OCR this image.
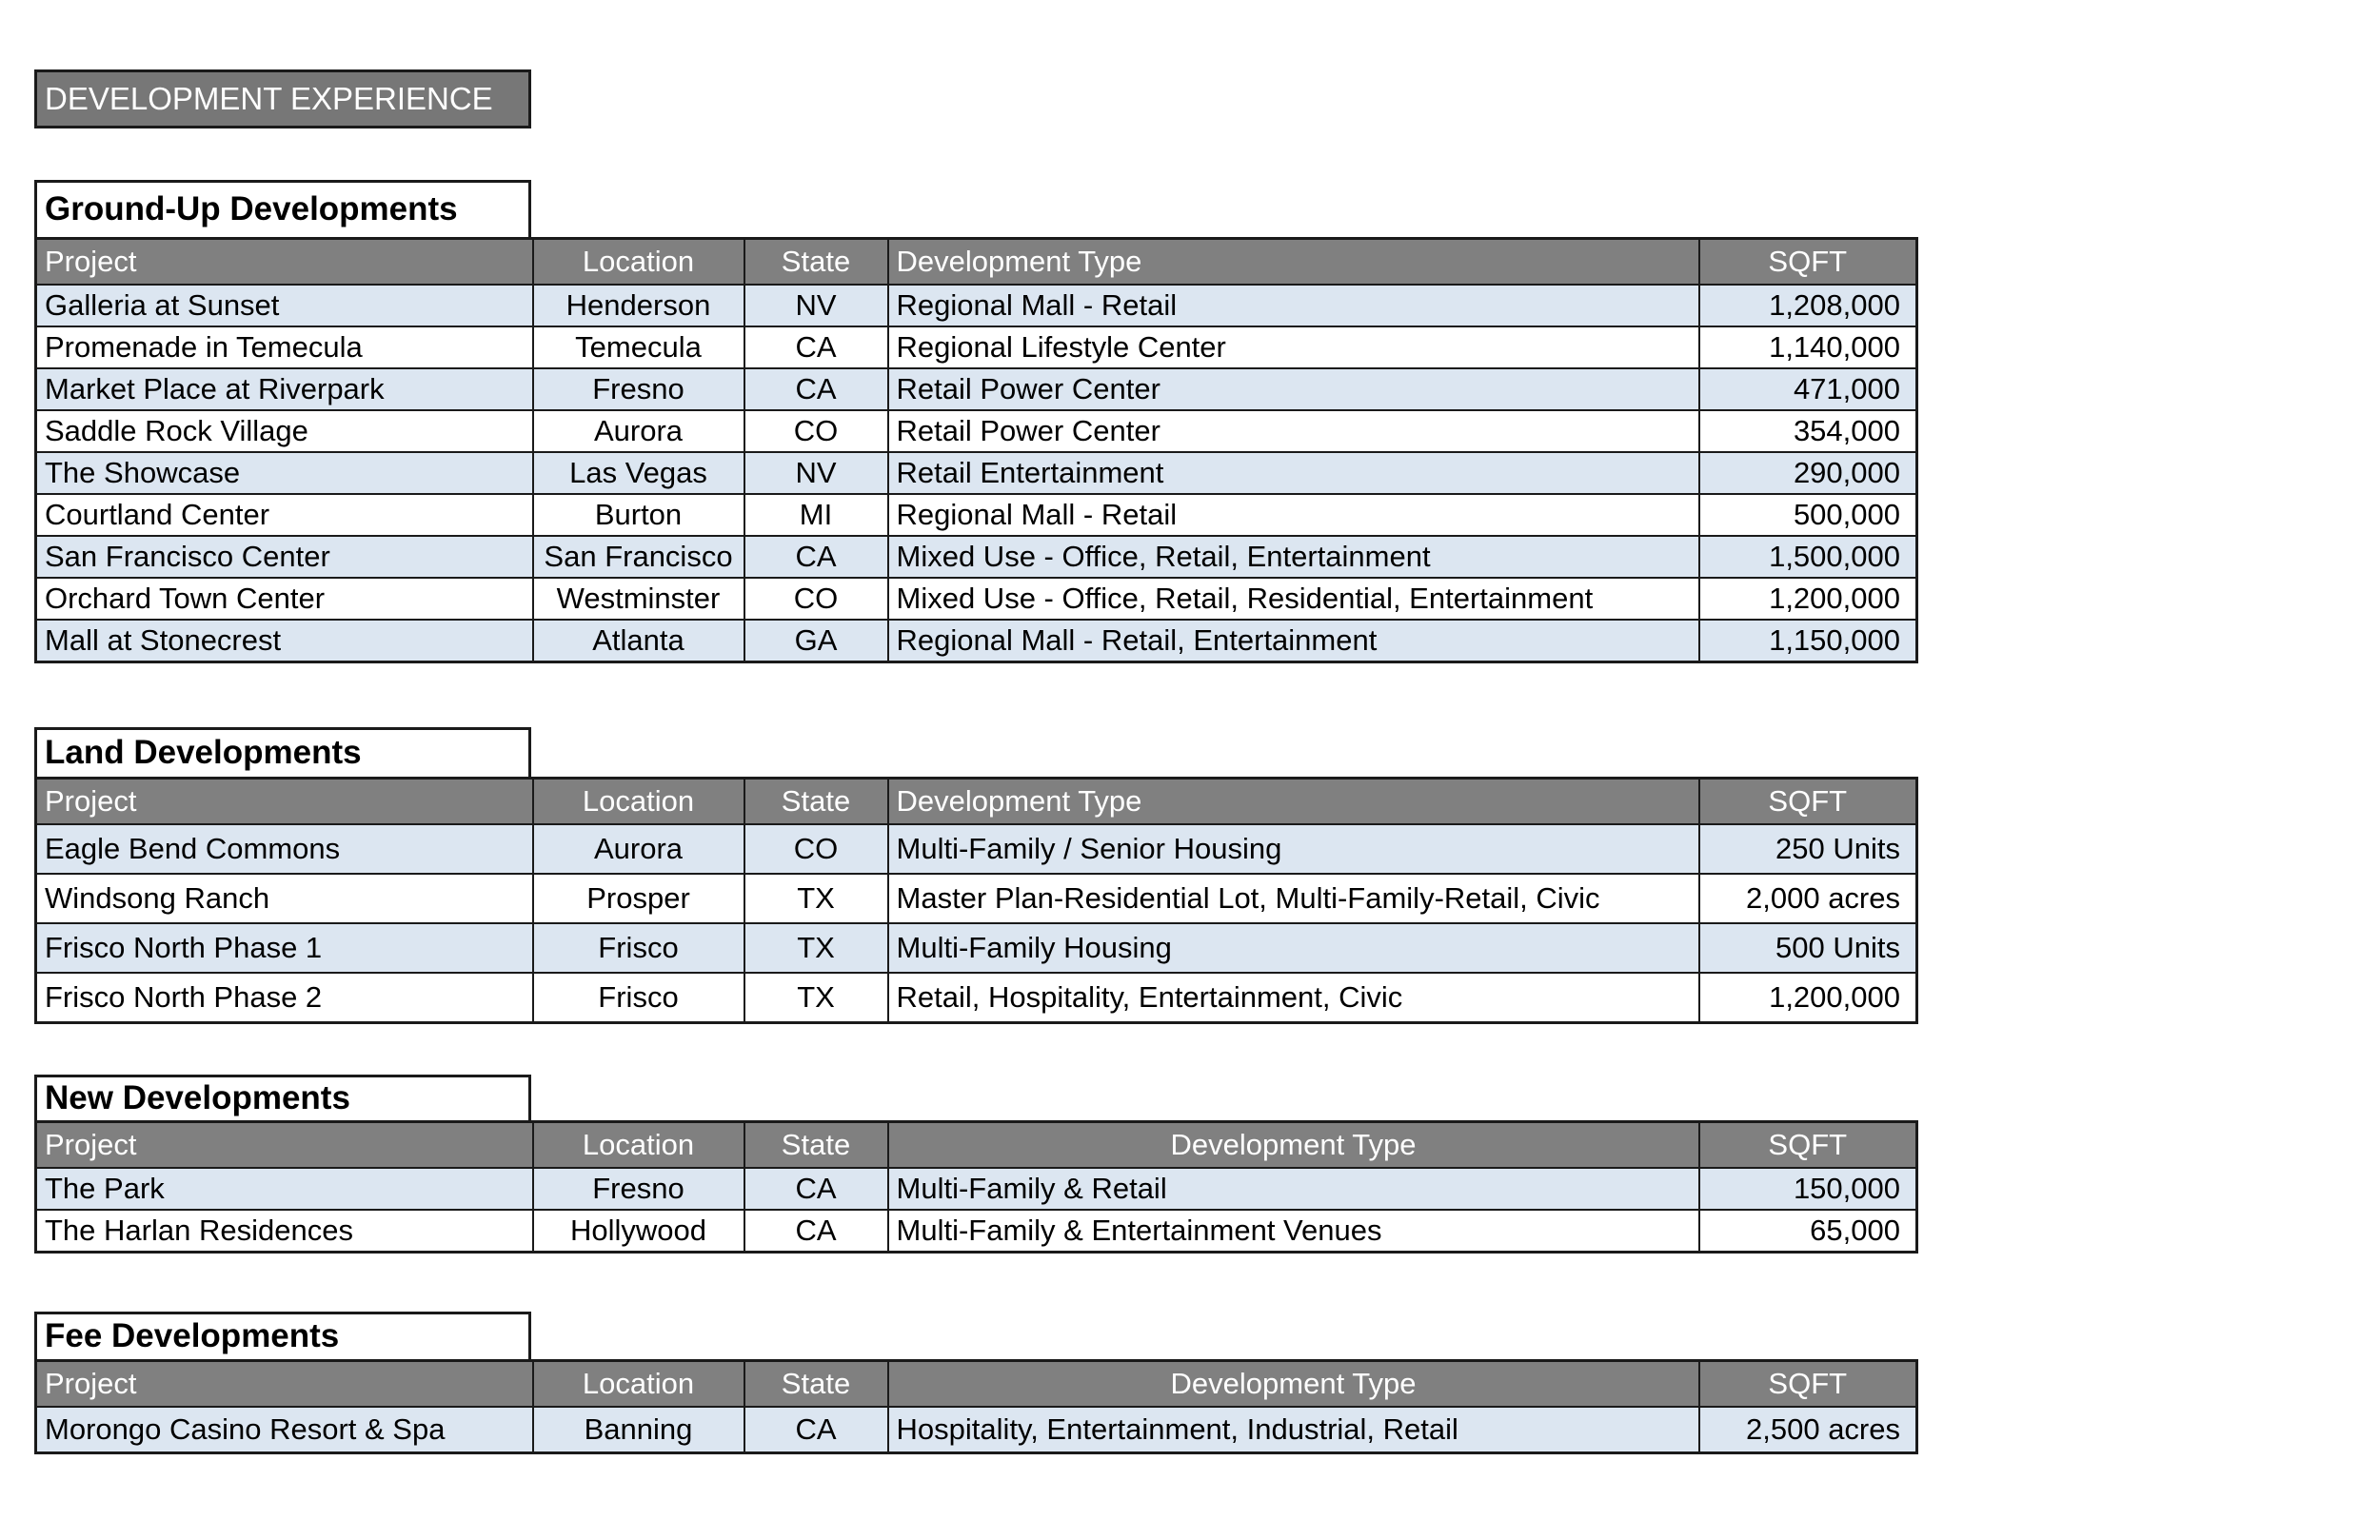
DEVELOPMENT EXPERIENCE
Ground-Up Developments
Project	Location	State	Development Type	SQFT
Galleria at Sunset	Henderson	NV	Regional Mall - Retail	1,208,000
Promenade in Temecula	Temecula	CA	Regional Lifestyle Center	1,140,000
Market Place at Riverpark	Fresno	CA	Retail Power Center	471,000
Saddle Rock Village	Aurora	CO	Retail Power Center	354,000
The Showcase	Las Vegas	NV	Retail Entertainment	290,000
Courtland Center	Burton	MI	Regional Mall - Retail	500,000
San Francisco Center	San Francisco	CA	Mixed Use - Office, Retail, Entertainment	1,500,000
Orchard Town Center	Westminster	CO	Mixed Use - Office, Retail, Residential, Entertainment	1,200,000
Mall at Stonecrest	Atlanta	GA	Regional Mall - Retail, Entertainment	1,150,000
Land Developments
Project	Location	State	Development Type	SQFT
Eagle Bend Commons	Aurora	CO	Multi-Family / Senior Housing	250 Units
Windsong Ranch	Prosper	TX	Master Plan-Residential Lot, Multi-Family-Retail, Civic	2,000 acres
Frisco North Phase 1	Frisco	TX	Multi-Family Housing	500 Units
Frisco North Phase 2	Frisco	TX	Retail, Hospitality, Entertainment, Civic	1,200,000
New Developments
Project	Location	State	Development Type	SQFT
The Park	Fresno	CA	Multi-Family & Retail	150,000
The Harlan Residences	Hollywood	CA	Multi-Family & Entertainment Venues	65,000
Fee Developments
Project	Location	State	Development Type	SQFT
Morongo Casino Resort & Spa	Banning	CA	Hospitality, Entertainment, Industrial, Retail	2,500 acres
